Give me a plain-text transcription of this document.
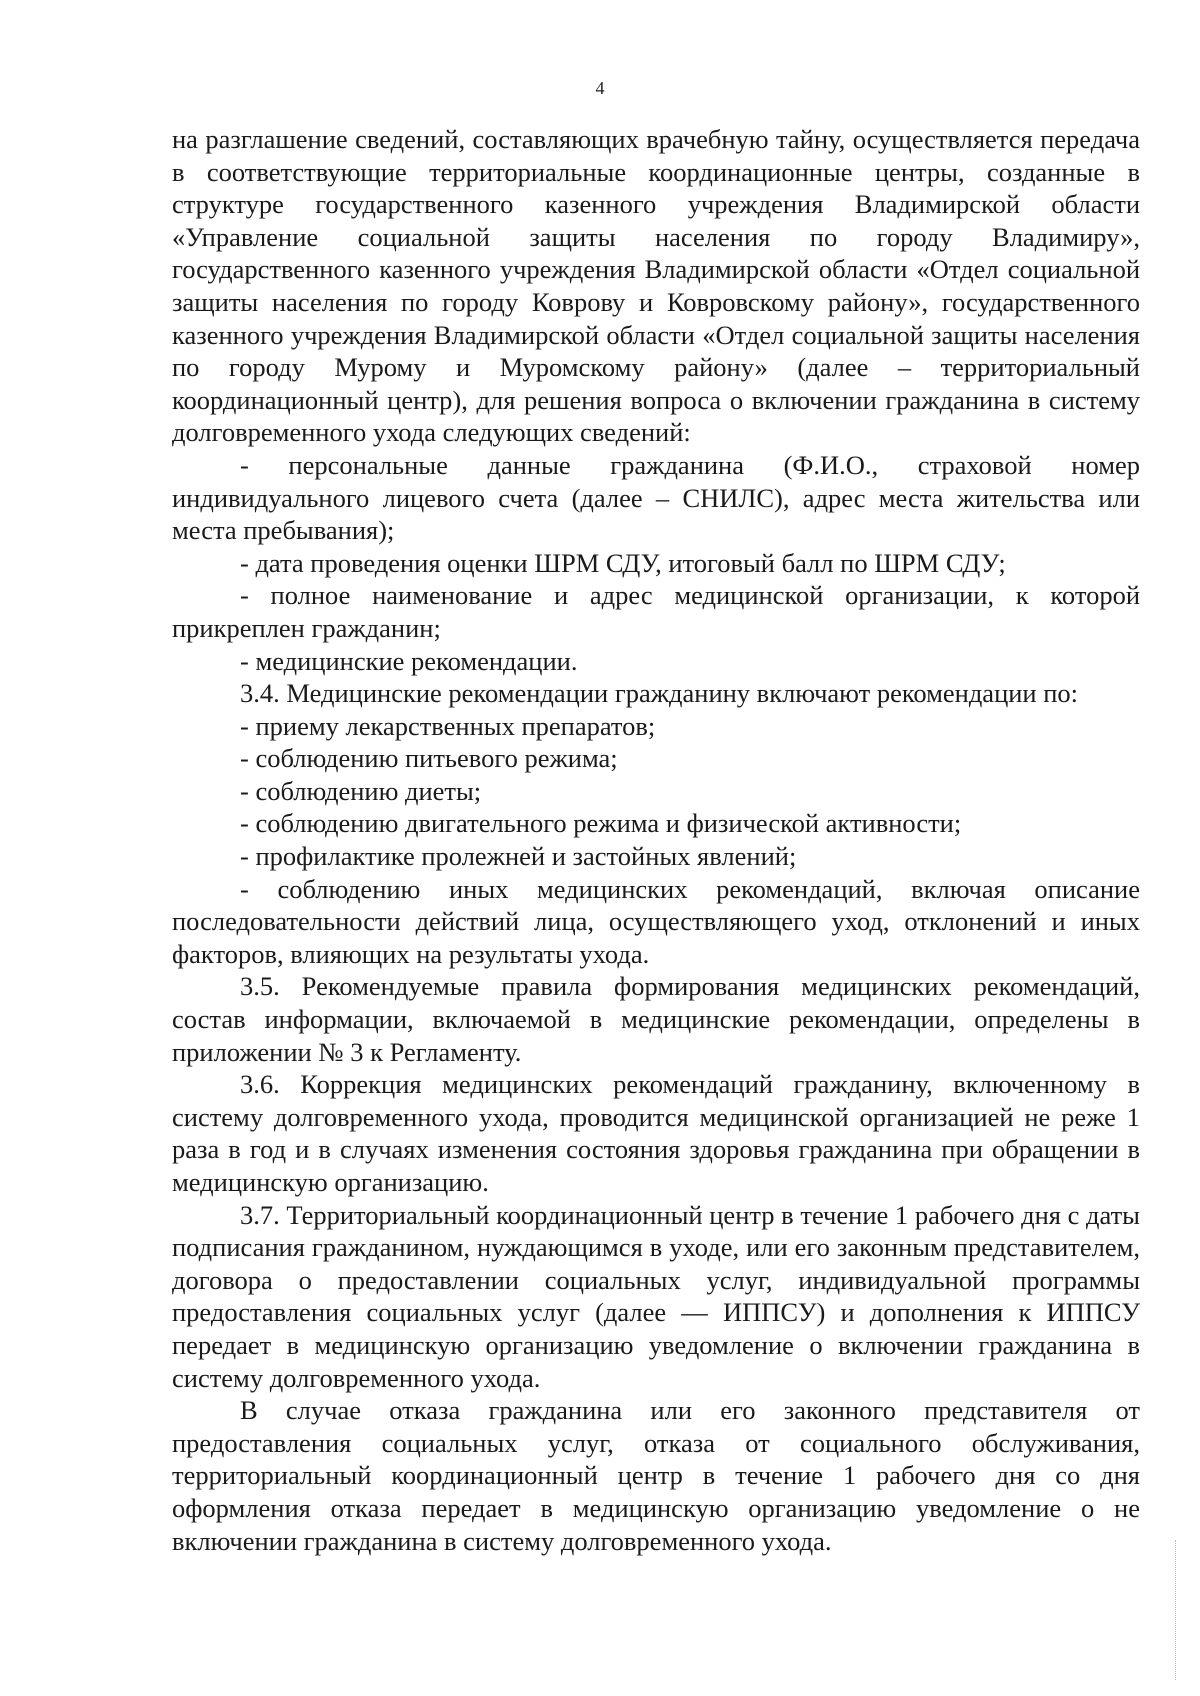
4

на разглашение сведений, составляющих врачебную тайну, осуществляется передача в соответствующие территориальные координационные центры, созданные в структуре государственного казенного учреждения Владимирской области «Управление социальной защиты населения по городу Владимиру», государственного казенного учреждения Владимирской области «Отдел социальной защиты населения по городу Коврову и Ковровскому району», государственного казенного учреждения Владимирской области «Отдел социальной защиты населения по городу Мурому и Муромскому району» (далее – территориальный координационный центр), для решения вопроса о включении гражданина в систему долговременного ухода следующих сведений:

- персональные данные гражданина (Ф.И.О., страховой номер индивидуального лицевого счета (далее – СНИЛС), адрес места жительства или места пребывания);

- дата проведения оценки ШРМ СДУ, итоговый балл по ШРМ СДУ;

- полное наименование и адрес медицинской организации, к которой прикреплен гражданин;

- медицинские рекомендации.

3.4. Медицинские рекомендации гражданину включают рекомендации по:

- приему лекарственных препаратов;

- соблюдению питьевого режима;

- соблюдению диеты;

- соблюдению двигательного режима и физической активности;

- профилактике пролежней и застойных явлений;

- соблюдению иных медицинских рекомендаций, включая описание последовательности действий лица, осуществляющего уход, отклонений и иных факторов, влияющих на результаты ухода.

3.5. Рекомендуемые правила формирования медицинских рекомендаций, состав информации, включаемой в медицинские рекомендации, определены в приложении № 3 к Регламенту.

3.6. Коррекция медицинских рекомендаций гражданину, включенному в систему долговременного ухода, проводится медицинской организацией не реже 1 раза в год и в случаях изменения состояния здоровья гражданина при обращении в медицинскую организацию.

3.7. Территориальный координационный центр в течение 1 рабочего дня с даты подписания гражданином, нуждающимся в уходе, или его законным представителем, договора о предоставлении социальных услуг, индивидуальной программы предоставления социальных услуг (далее — ИППСУ) и дополнения к ИППСУ передает в медицинскую организацию уведомление о включении гражданина в систему долговременного ухода.

В случае отказа гражданина или его законного представителя от предоставления социальных услуг, отказа от социального обслуживания, территориальный координационный центр в течение 1 рабочего дня со дня оформления отказа передает в медицинскую организацию уведомление о не включении гражданина в систему долговременного ухода.
